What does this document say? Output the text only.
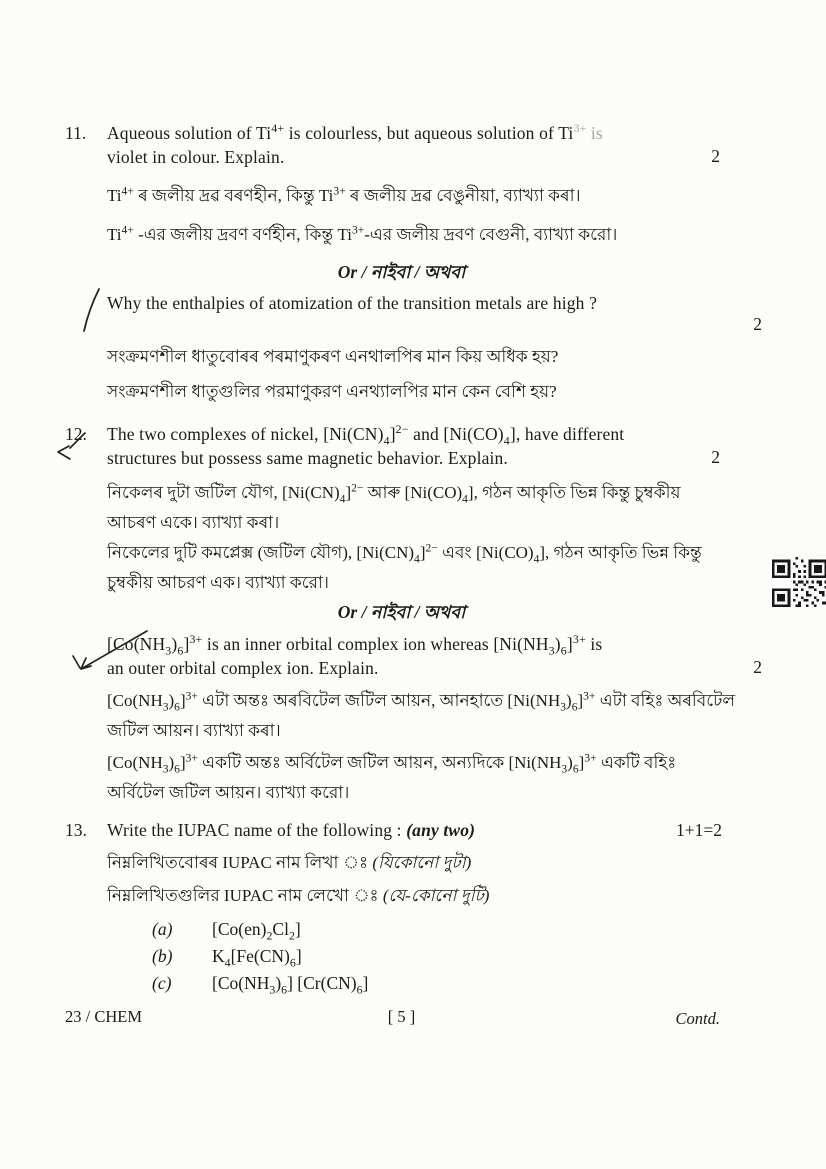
11.	Aqueous solution of $Ti^{4+}$ is colourless, but aqueous solution of $Ti^{3+}$ is
violet in colour. Explain.	2

$Ti^{4+}$ ৰ জলীয় দ্ৰৱ বৰণহীন, কিন্তু $Ti^{3+}$ ৰ জলীয় দ্ৰৱ বেঙুনীয়া, ব্যাখ্যা কৰা।

$Ti^{4+}$ -এর জলীয় দ্রবণ বর্ণহীন, কিন্তু $Ti^{3+}-এর$ জলীয় দ্রবণ বেগুনী, ব্যাখ্যা করো।

Or / নাইবা / অথবা

Why the enthalpies of atomization of the transition metals are high ?

2

সংক্ৰমণশীল ধাতুবোৰৰ পৰমাণুকৰণ এনথালপিৰ মান কিয় অধিক হয়?

সংক্রমণশীল ধাতুগুলির পরমাণুকরণ এনথ্যালপির মান কেন বেশি হয়?

12.	The two complexes of nickel, $[Ni(CN)_4]^{2-}$ and $[Ni(CO)_4]$, have different
structures but possess same magnetic behavior. Explain.	2

নিকেলৰ দুটা জটিল যৌগ, $[Ni(CN)_4]^{2-}$ আৰু $[Ni(CO)_4]$, গঠন আকৃতি ভিন্ন কিন্তু চুম্বকীয়
আচৰণ একে। ব্যাখ্যা কৰা।

নিকেলের দুটি কমপ্লেক্স (জটিল যৌগ), $[Ni(CN)_4]^{2-}$ এবং $[Ni(CO)_4]$, গঠন আকৃতি ভিন্ন কিন্তু
চুম্বকীয় আচরণ এক। ব্যাখ্যা করো।

Or / নাইবা / অথবা

$[Co(NH_3)_6]^{3+}$ is an inner orbital complex ion whereas $[Ni(NH_3)_6]^{3+}$ is
an outer orbital complex ion. Explain.	2

$[Co(NH_3)_6]^{3+}$ এটা অন্তঃ অৰবিটেল জটিল আয়ন, আনহাতে $[Ni(NH_3)_6]^{3+}$ এটা বহিঃ অৰবিটেল
জটিল আয়ন। ব্যাখ্যা কৰা।

$[Co(NH_3)_6]^{3+}$ একটি অন্তঃ অর্বিটেল জটিল আয়ন, অন্যদিকে $[Ni(NH_3)_6]^{3+}$ একটি বহিঃ
অর্বিটেল জটিল আয়ন। ব্যাখ্যা করো।

13.	Write the IUPAC name of the following : (any two)	1+1=2

নিম্নলিখিতবোৰৰ IUPAC নাম লিখা ঃ (যিকোনো দুটা)

নিম্নলিখিতগুলির IUPAC নাম লেখো ঃ (যে-কোনো দুটি)

(a)	$[Co(en)_2Cl_2]$
(b)	$K_4[Fe(CN)_6]$
(c)	$[Co(NH_3)_6]$ $[Cr(CN)_6]$
23 / CHEM	[ 5 ]	Contd.
